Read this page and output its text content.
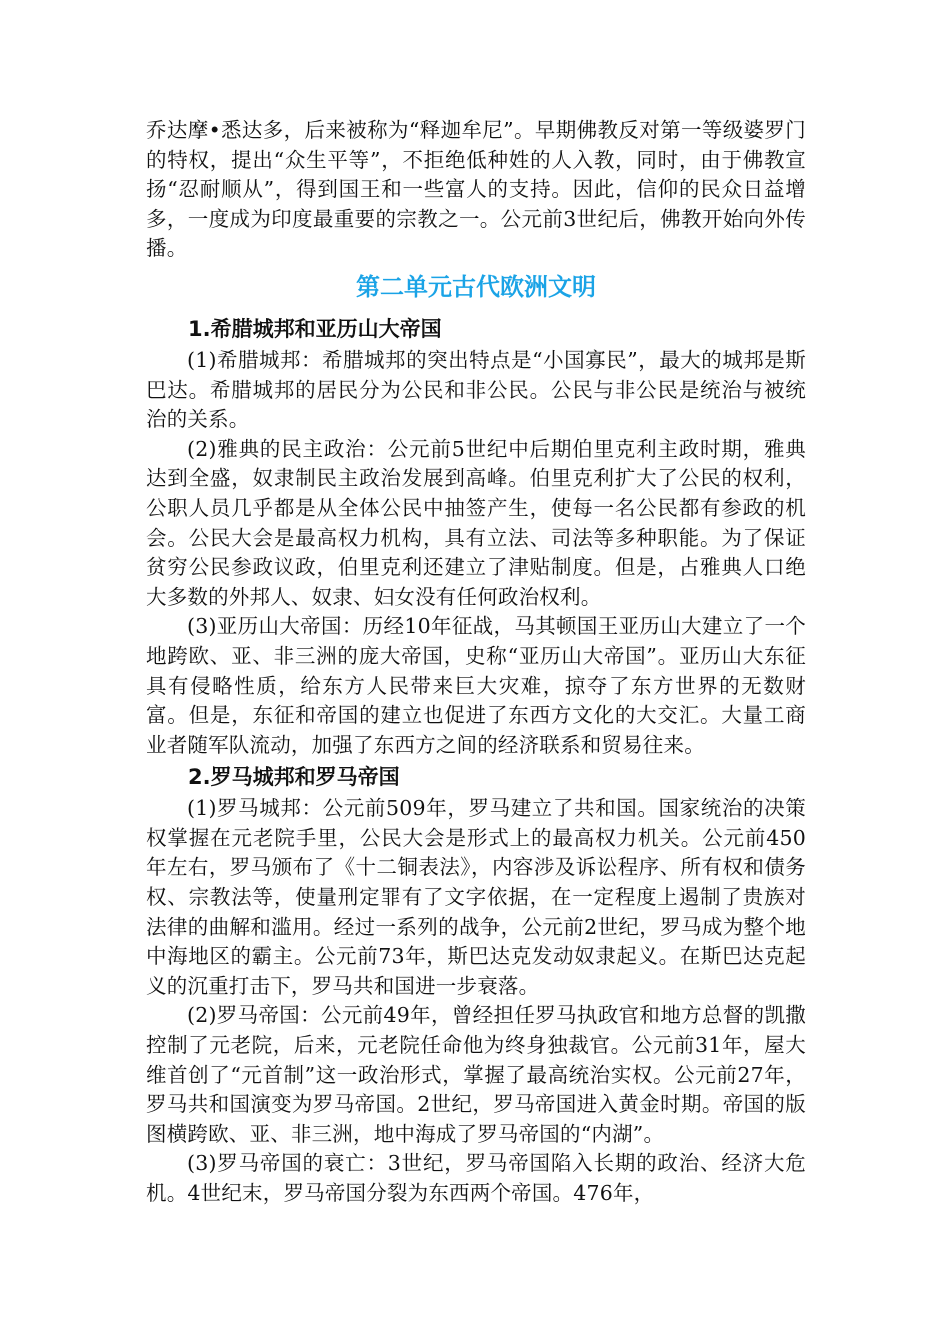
乔达摩•悉达多，后来被称为“释迦牟尼”。早期佛教反对第一等级婆罗门的特权，提出“众生平等”，不拒绝低种姓的人入教，同时，由于佛教宣扬“忍耐顺从”，得到国王和一些富人的支持。因此，信仰的民众日益增多，一度成为印度最重要的宗教之一。公元前3世纪后，佛教开始向外传播。

第二单元古代欧洲文明
1.希腊城邦和亚历山大帝国

(1)希腊城邦：希腊城邦的突出特点是“小国寡民”，最大的城邦是斯巴达。希腊城邦的居民分为公民和非公民。公民与非公民是统治与被统治的关系。

(2)雅典的民主政治：公元前5世纪中后期伯里克利主政时期，雅典达到全盛，奴隶制民主政治发展到高峰。伯里克利扩大了公民的权利，公职人员几乎都是从全体公民中抽签产生，使每一名公民都有参政的机会。公民大会是最高权力机构，具有立法、司法等多种职能。为了保证贫穷公民参政议政，伯里克利还建立了津贴制度。但是，占雅典人口绝大多数的外邦人、奴隶、妇女没有任何政治权利。

(3)亚历山大帝国：历经10年征战，马其顿国王亚历山大建立了一个地跨欧、亚、非三洲的庞大帝国，史称“亚历山大帝国”。亚历山大东征具有侵略性质，给东方人民带来巨大灾难，掠夺了东方世界的无数财富。但是，东征和帝国的建立也促进了东西方文化的大交汇。大量工商业者随军队流动，加强了东西方之间的经济联系和贸易往来。

2.罗马城邦和罗马帝国

(1)罗马城邦：公元前509年，罗马建立了共和国。国家统治的决策权掌握在元老院手里，公民大会是形式上的最高权力机关。公元前450年左右，罗马颁布了《十二铜表法》，内容涉及诉讼程序、所有权和债务权、宗教法等，使量刑定罪有了文字依据，在一定程度上遏制了贵族对法律的曲解和滥用。经过一系列的战争，公元前2世纪，罗马成为整个地中海地区的霸主。公元前73年，斯巴达克发动奴隶起义。在斯巴达克起义的沉重打击下，罗马共和国进一步衰落。

(2)罗马帝国：公元前49年，曾经担任罗马执政官和地方总督的凯撒控制了元老院，后来，元老院任命他为终身独裁官。公元前31年，屋大维首创了“元首制”这一政治形式，掌握了最高统治实权。公元前27年，罗马共和国演变为罗马帝国。2世纪，罗马帝国进入黄金时期。帝国的版图横跨欧、亚、非三洲，地中海成了罗马帝国的“内湖”。

(3)罗马帝国的衰亡：3世纪，罗马帝国陷入长期的政治、经济大危机。4世纪末，罗马帝国分裂为东西两个帝国。476年，
